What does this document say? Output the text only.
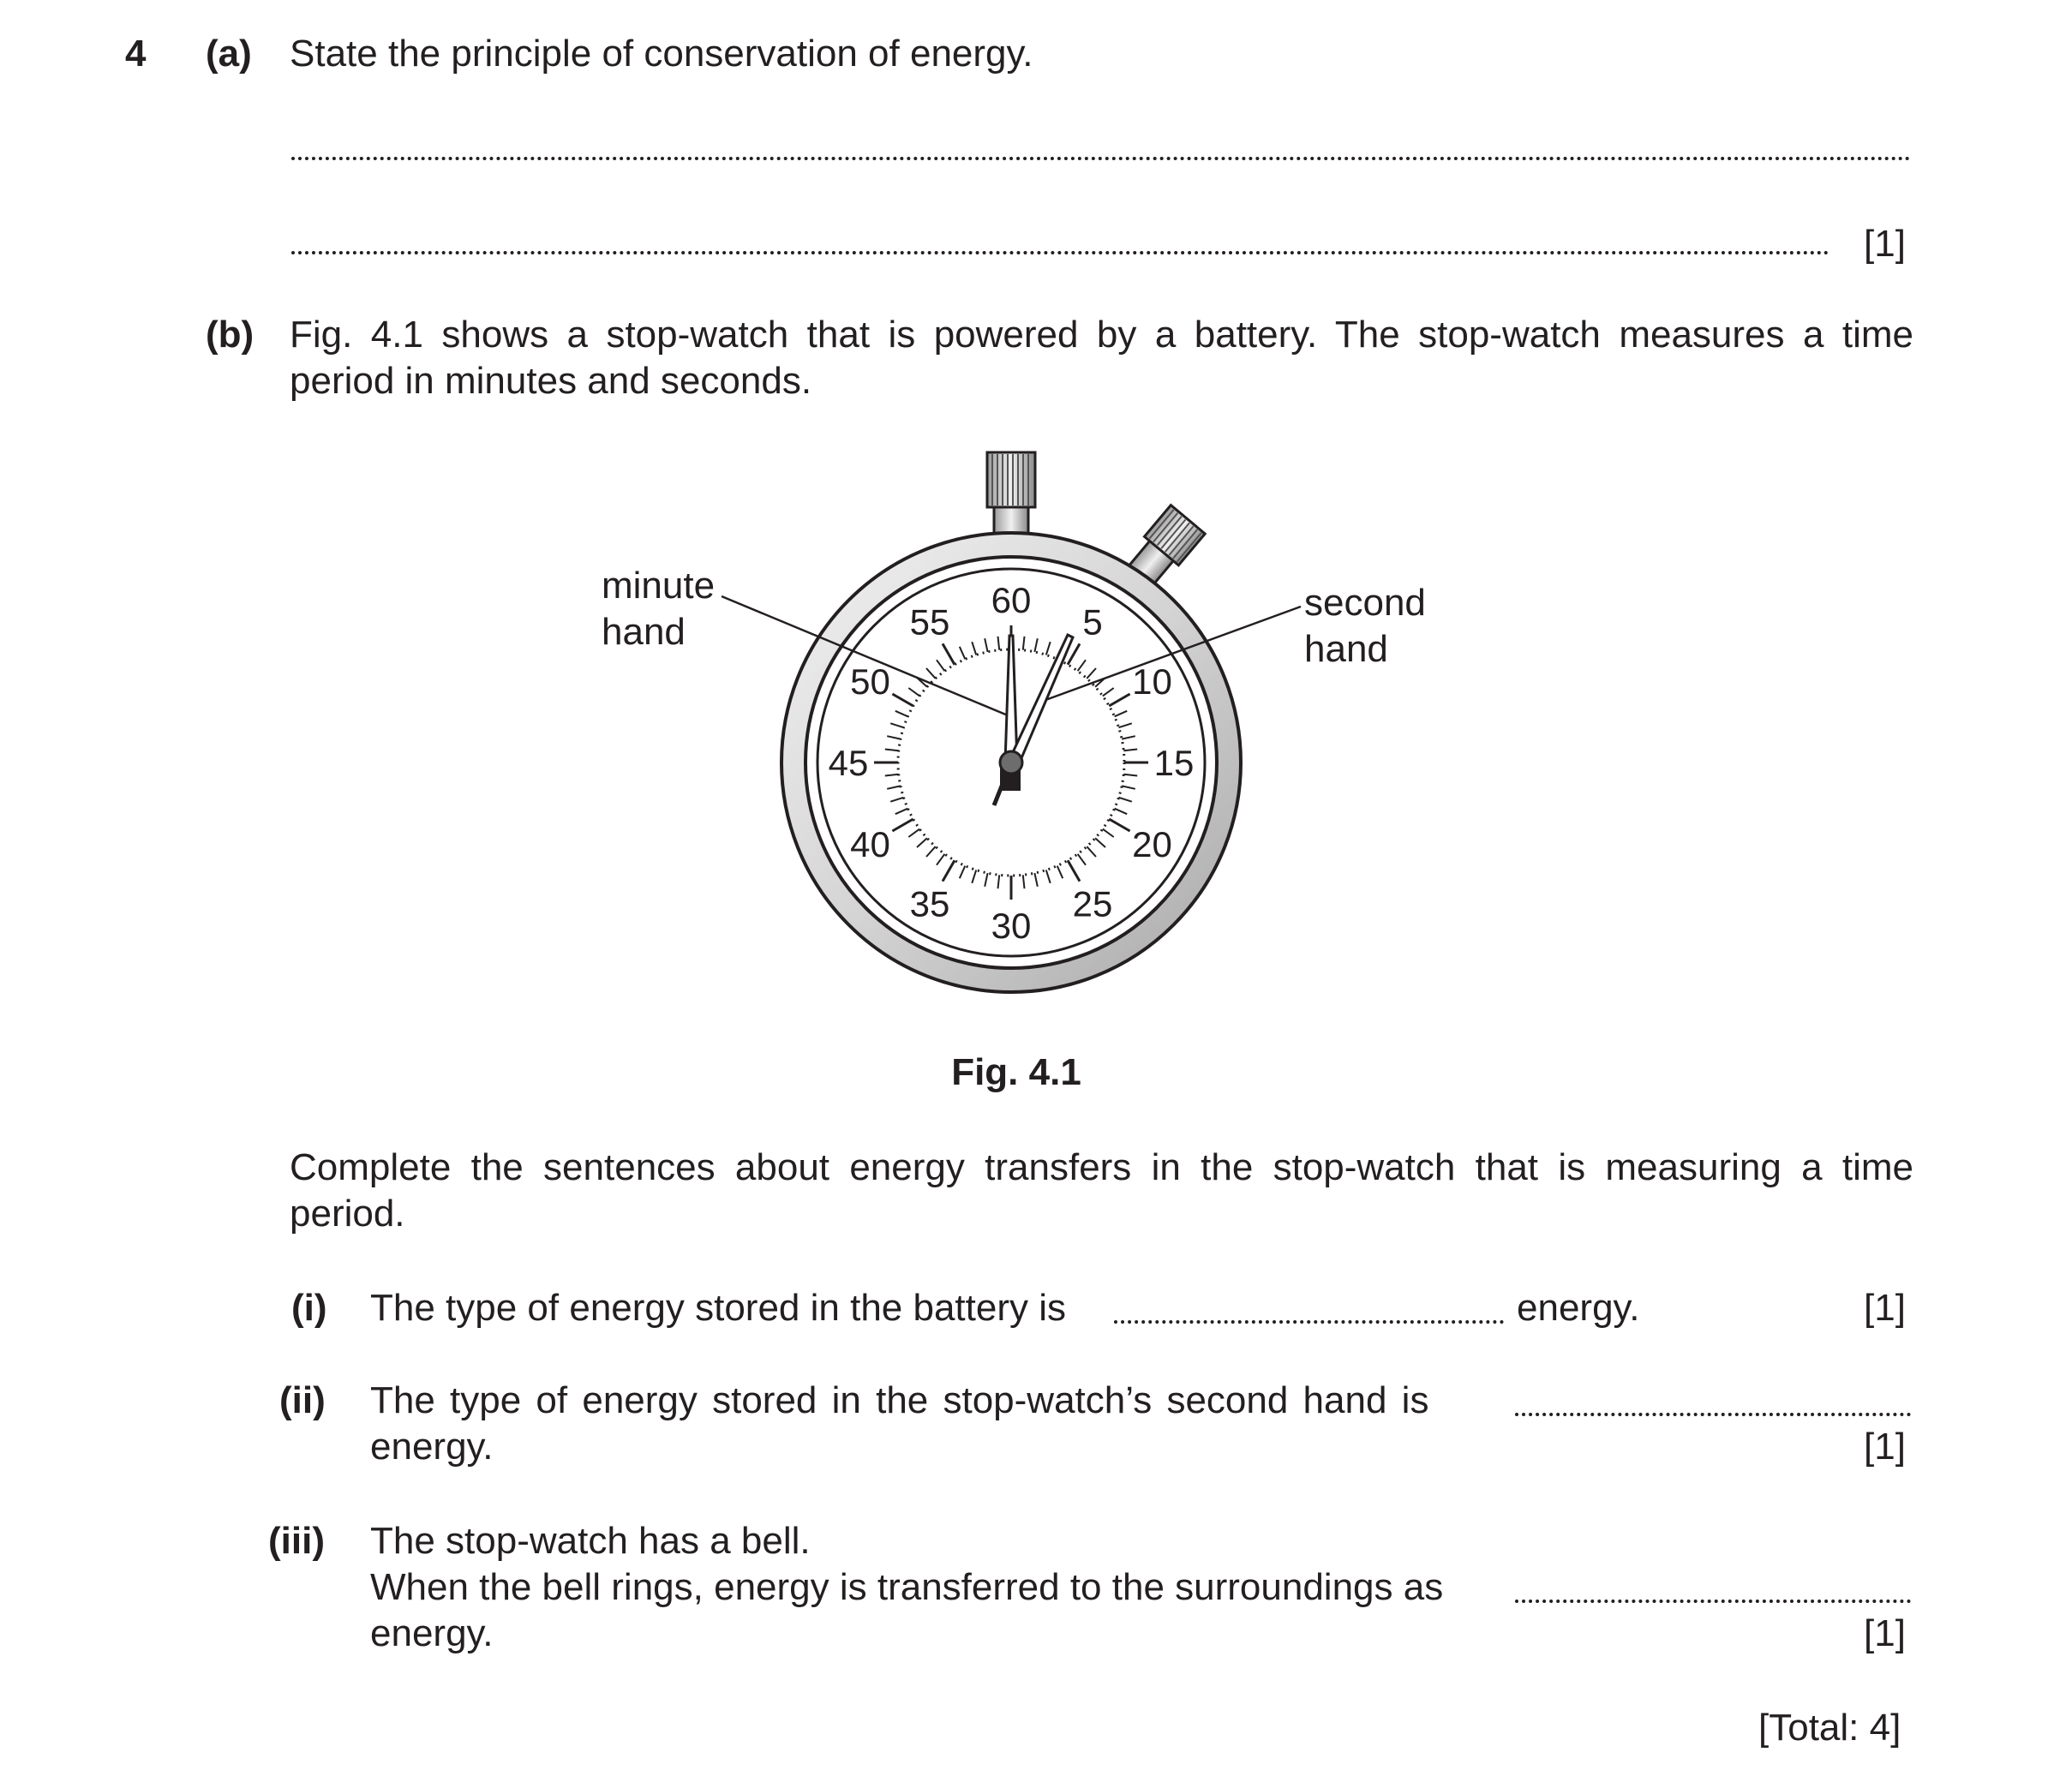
4 (a) State the principle of conservation of energy.
[1]
(b) Fig. 4.1 shows a stop-watch that is powered by a battery. The stop-watch measures a time
period in minutes and seconds.
60
5
10
15
20
25
30
35
40
45
50
55
minute
hand
second
hand
Fig. 4.1
Complete the sentences about energy transfers in the stop-watch that is measuring a time
period.
(i) The type of energy stored in the battery is	energy.	[1]
(ii) The type of energy stored in the stop-watch’s second hand is
energy.	[1]
(iii) The stop-watch has a bell.
When the bell rings, energy is transferred to the surroundings as
energy.	[1]
[Total: 4]
